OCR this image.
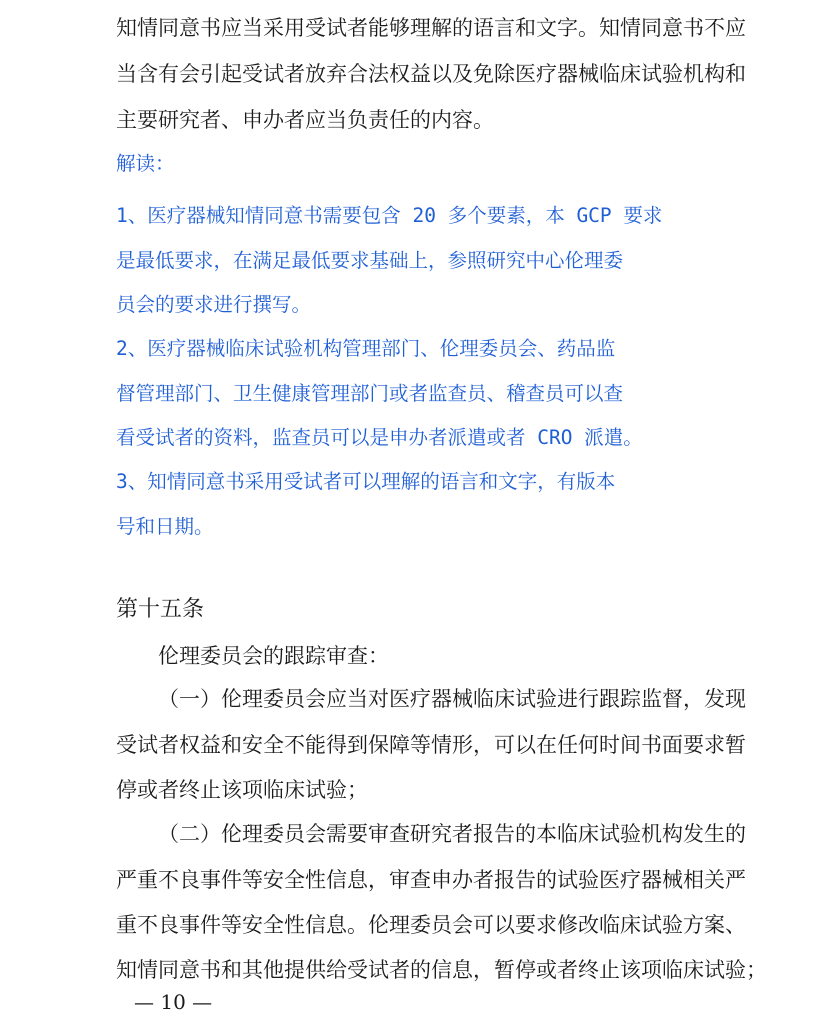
知情同意书应当采用受试者能够理解的语言和文字。知情同意书不应
当含有会引起受试者放弃合法权益以及免除医疗器械临床试验机构和
主要研究者、申办者应当负责任的内容。
解读：
1、医疗器械知情同意书需要包含 20 多个要素，本 GCP 要求
是最低要求，在满足最低要求基础上，参照研究中心伦理委
员会的要求进行撰写。
2、医疗器械临床试验机构管理部门、伦理委员会、药品监
督管理部门、卫生健康管理部门或者监查员、稽查员可以查
看受试者的资料，监查员可以是申办者派遣或者 CRO 派遣。
3、知情同意书采用受试者可以理解的语言和文字，有版本
号和日期。
第十五条
伦理委员会的跟踪审查：
（一）伦理委员会应当对医疗器械临床试验进行跟踪监督，发现
受试者权益和安全不能得到保障等情形，可以在任何时间书面要求暂
停或者终止该项临床试验；
（二）伦理委员会需要审查研究者报告的本临床试验机构发生的
严重不良事件等安全性信息，审查申办者报告的试验医疗器械相关严
重不良事件等安全性信息。伦理委员会可以要求修改临床试验方案、
知情同意书和其他提供给受试者的信息，暂停或者终止该项临床试验；
— 10 —
